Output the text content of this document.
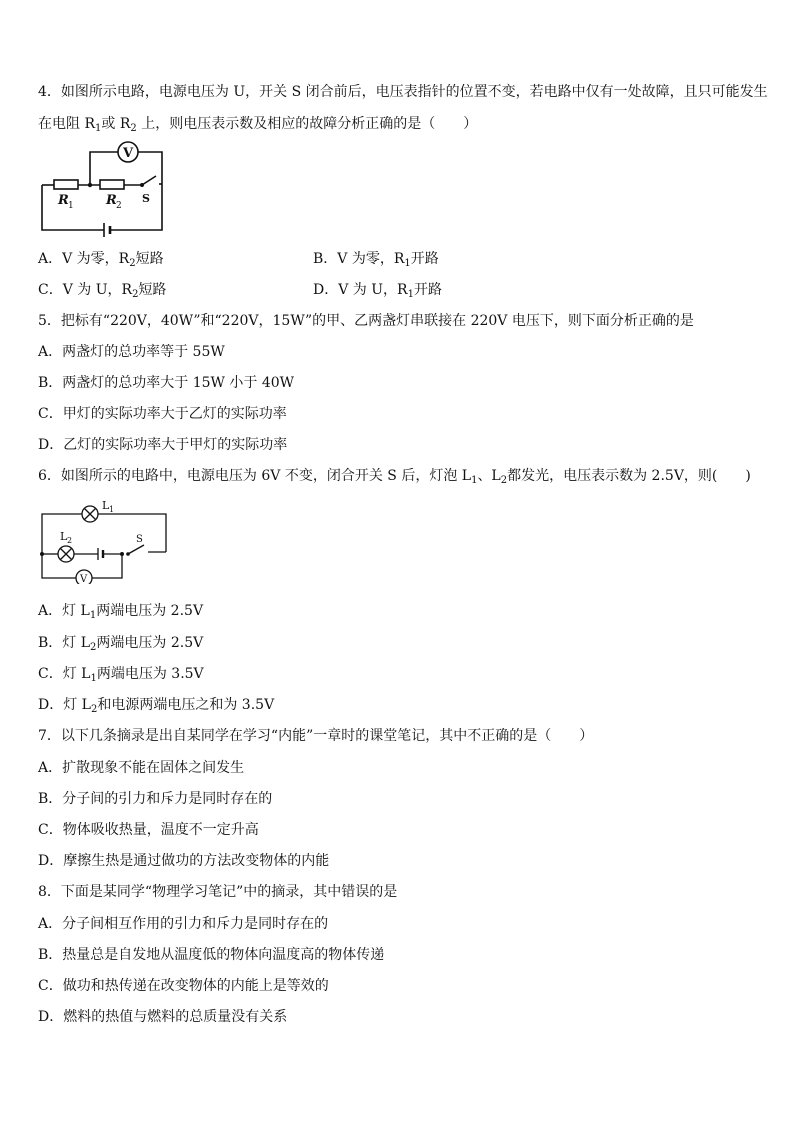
4．如图所示电路，电源电压为 U，开关 S 闭合前后，电压表指针的位置不变，若电路中仅有一处故障，且只可能发生
在电阻 $R_1$或 $R_2$ 上，则电压表示数及相应的故障分析正确的是（　　）
V
R 1 R 2
S
A．V 为零，$R_2$短路	B．V 为零，$R_1$开路
C．V 为 U，$R_2$短路	D．V 为 U，$R_1$开路
5．把标有“220V，40W”和“220V，15W”的甲、乙两盏灯串联接在 220V 电压下，则下面分析正确的是
A．两盏灯的总功率等于 55W
B．两盏灯的总功率大于 15W 小于 40W
C．甲灯的实际功率大于乙灯的实际功率
D．乙灯的实际功率大于甲灯的实际功率
6．如图所示的电路中，电源电压为 6V 不变，闭合开关 S 后，灯泡 $L_1$、$L_2$都发光，电压表示数为 2.5V，则(　　)
L 1
L 2	S
V
A．灯 $L_1$两端电压为 2.5V
B．灯 $L_2$两端电压为 2.5V
C．灯 $L_1$两端电压为 3.5V
D．灯 $L_2$和电源两端电压之和为 3.5V
7．以下几条摘录是出自某同学在学习“内能”一章时的课堂笔记，其中不正确的是（　　）
A．扩散现象不能在固体之间发生
B．分子间的引力和斥力是同时存在的
C．物体吸收热量，温度不一定升高
D．摩擦生热是通过做功的方法改变物体的内能
8．下面是某同学“物理学习笔记”中的摘录，其中错误的是
A．分子间相互作用的引力和斥力是同时存在的
B．热量总是自发地从温度低的物体向温度高的物体传递
C．做功和热传递在改变物体的内能上是等效的
D．燃料的热值与燃料的总质量没有关系
